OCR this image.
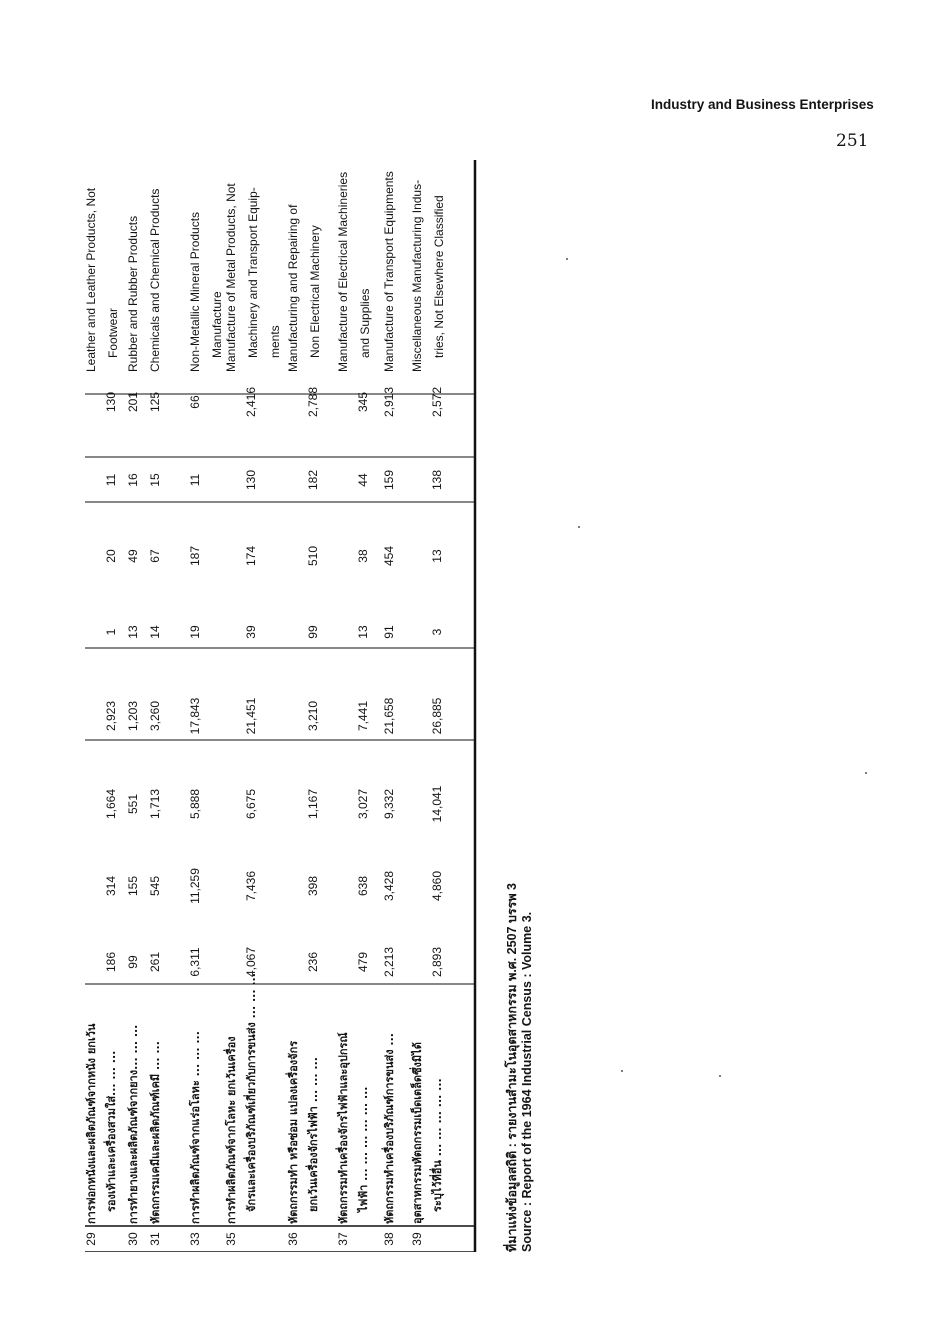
Industry and Business Enterprises
251
29
การฟอกหนังและผลิตภัณฑ์จากหนัง ยกเว้น รองเท้าและเครื่องสวมใส่... ... ...
186
314
1,664
2,923
1
20
11
130
Leather and Leather Products, Not Footwear
30
การทำยางและผลิตภัณฑ์จากยาง... ... ...
99
155
551
1,203
13
49
16
201
Rubber and Rubber Products
31
หัตถกรรมเคมีและผลิตภัณฑ์เคมี ... ...
261
545
1,713
3,260
14
67
15
125
Chemicals and Chemical Products
33
การทำผลิตภัณฑ์จากแร่อโลหะ ... ... ...
6,311
11,259
5,888
17,843
19
187
11
66
Non-Metallic Mineral Products Manufacture
35
การทำผลิตภัณฑ์จากโลหะ ยกเว้นเครื่อง จักรและเครื่องบริภัณฑ์เกี่ยวกับการขนส่ง ... ... ...
4,067
7,436
6,675
21,451
39
174
130
2,416
Manufacture of Metal Products, Not Machinery and Transport Equip- ments
36
หัตถกรรมทำ หรือซ่อม แปลงเครื่องจักร ยกเว้นเครื่องจักรไฟฟ้า ... ... ...
236
398
1,167
3,210
99
510
182
2,788
Manufacturing and Repairing of Non Electrical Machinery
37
หัตถกรรมทำเครื่องจักรไฟฟ้าและอุปกรณ์ ไฟฟ้า ... ... ... ... ... ...
479
638
3,027
7,441
13
38
44
345
Manufacture of Electrical Machineries and Supplies
38
หัตถกรรมทำเครื่องบริภัณฑ์การขนส่ง ...
2,213
3,428
9,332
21,658
91
454
159
2,913
Manufacture of Transport Equipments
39
อุตสาหกรรมหัตถกรรมเบ็ดเตล็ดซึ่งมิได้ ระบุไว้ที่อื่น ... ... ... ... ...
2,893
4,860
14,041
26,885
3
13
138
2,572
Miscellaneous Manufacturing Indus- tries, Not Elsewhere Classified
ที่มาแห่งข้อมูลสถิติ : รายงานสำมะโนอุตสาหกรรม พ.ศ. 2507 บรรพ 3 Source : Report of the 1964 Industrial Census : Volume 3.
